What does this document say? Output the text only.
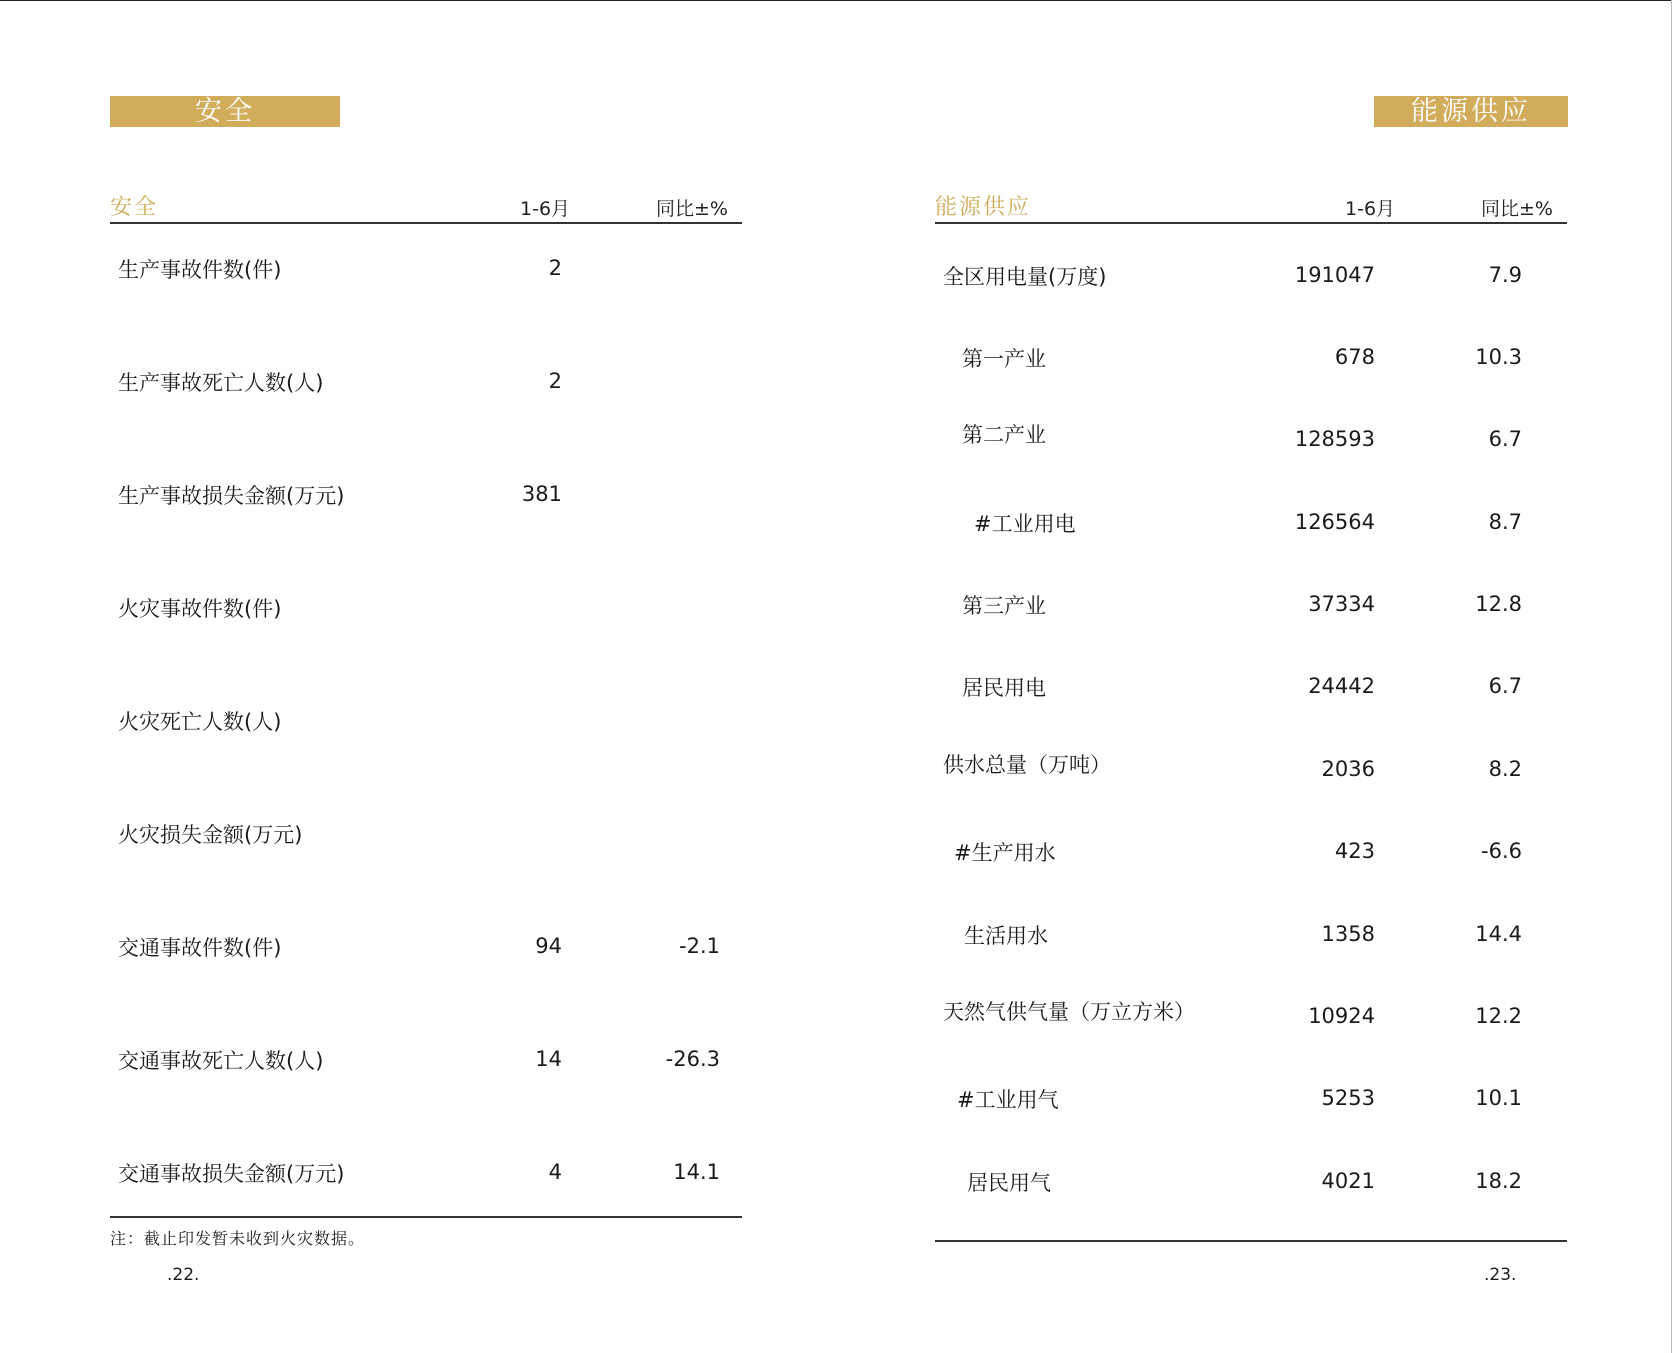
安全	能源供应
安全	1-6月	同比±%
生产事故件数(件)	2
生产事故死亡人数(人)	2
生产事故损失金额(万元)	381
火灾事故件数(件)
火灾死亡人数(人)
火灾损失金额(万元)
交通事故件数(件)	94	-2.1
交通事故死亡人数(人)	14	-26.3
交通事故损失金额(万元)	4	14.1
注：截止印发暂未收到火灾数据。
.22.
能源供应	1-6月	同比±%
全区用电量(万度)	191047	7.9
第一产业	678	10.3
第二产业	128593	6.7
#工业用电	126564	8.7
第三产业	37334	12.8
居民用电	24442	6.7
供水总量（万吨）	2036	8.2
#生产用水	423	-6.6
生活用水	1358	14.4
天然气供气量（万立方米）	10924	12.2
#工业用气	5253	10.1
居民用气	4021	18.2
.23.
